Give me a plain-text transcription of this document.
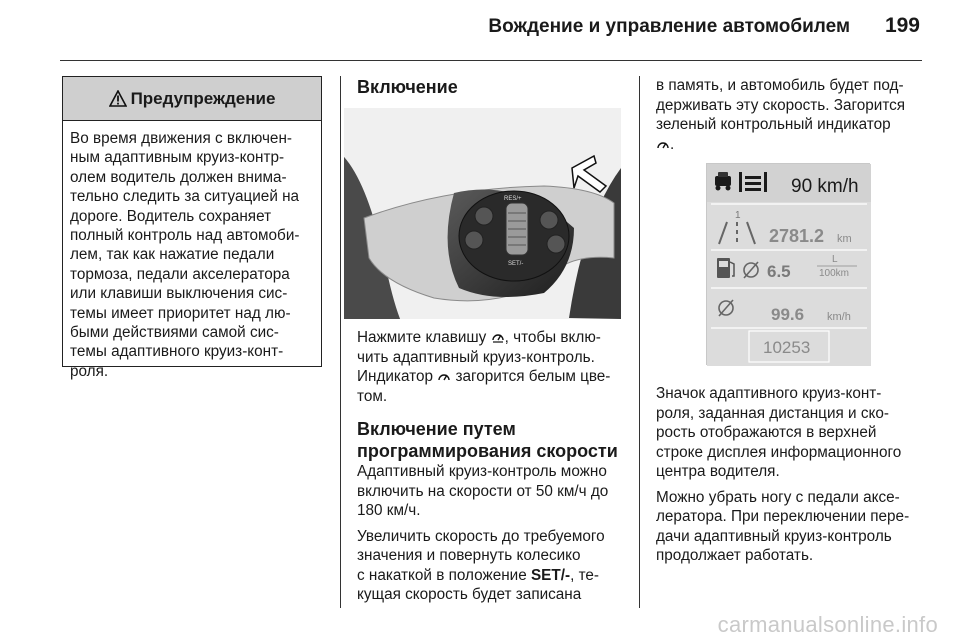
Вождение и управление автомобилем 199
Предупреждение
Во время движения с включен-
ным адаптивным круиз-контр-
олем водитель должен внима-
тельно следить за ситуацией на
дороге. Водитель сохраняет
полный контроль над автомоби-
лем, так как нажатие педали
тормоза, педали акселератора
или клавиши выключения сис-
темы имеет приоритет над лю-
быми действиями самой сис-
темы адаптивного круиз-конт-
роля.
Включение
RES/+
SET/-

Нажмите клавишу , чтобы вклю-
чить адаптивный круиз-контроль.
Индикатор  загорится белым цве-
том.

Включение путем
программирования скорости

Адаптивный круиз-контроль можно
включить на скорости от 50 км/ч до
180 км/ч.

Увеличить скорость до требуемого
значения и повернуть колесико
с накаткой в положение SET/-, те-
кущая скорость будет записана

в память, и автомобиль будет под-
держивать эту скорость. Загорится
зеленый контрольный индикатор
.

90 km/h
1
2781.2 km
6.5
L
100km
99.6 km/h
10253

Значок адаптивного круиз-конт-
роля, заданная дистанция и ско-
рость отображаются в верхней
строке дисплея информационного
центра водителя.

Можно убрать ногу с педали аксе-
лератора. При переключении пере-
дачи адаптивный круиз-контроль
продолжает работать.

carmanualsonline.info
